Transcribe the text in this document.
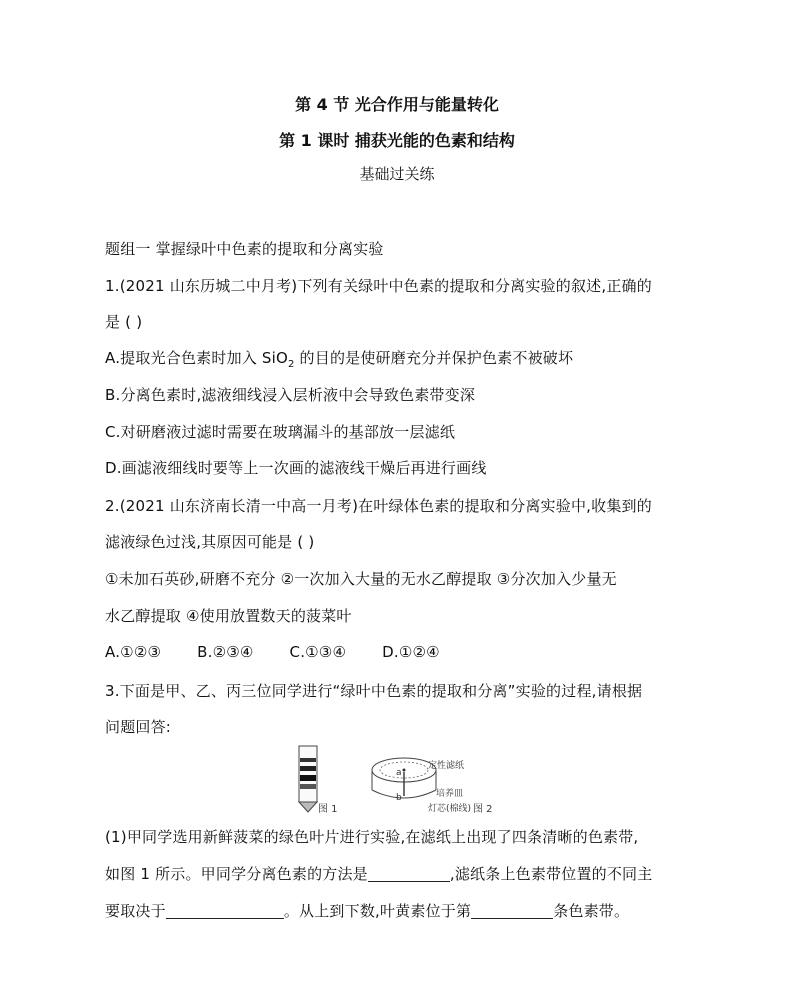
第 4 节 光合作用与能量转化
第 1 课时 捕获光能的色素和结构
基础过关练
题组一 掌握绿叶中色素的提取和分离实验
1.(2021 山东历城二中月考)下列有关绿叶中色素的提取和分离实验的叙述,正确的
是 ( )
A.提取光合色素时加入 SiO$_2$ 的目的是使研磨充分并保护色素不被破坏
B.分离色素时,滤液细线浸入层析液中会导致色素带变深
C.对研磨液过滤时需要在玻璃漏斗的基部放一层滤纸
D.画滤液细线时要等上一次画的滤液线干燥后再进行画线
2.(2021 山东济南长清一中高一月考)在叶绿体色素的提取和分离实验中,收集到的
滤液绿色过浅,其原因可能是 ( )
①未加石英砂,研磨不充分 ②一次加入大量的无水乙醇提取 ③分次加入少量无
水乙醇提取 ④使用放置数天的菠菜叶
A.①②③ B.②③④ C.①③④ D.①②④
3.下面是甲、乙、丙三位同学进行“绿叶中色素的提取和分离”实验的过程,请根据
问题回答:
图 1
定性滤纸
a
培养皿
b
灯芯(棉线) 图 2
(1)甲同学选用新鲜菠菜的绿色叶片进行实验,在滤纸上出现了四条清晰的色素带,
如图 1 所示。甲同学分离色素的方法是	,滤纸条上色素带位置的不同主
要取决于	。从上到下数,叶黄素位于第	条色素带。
